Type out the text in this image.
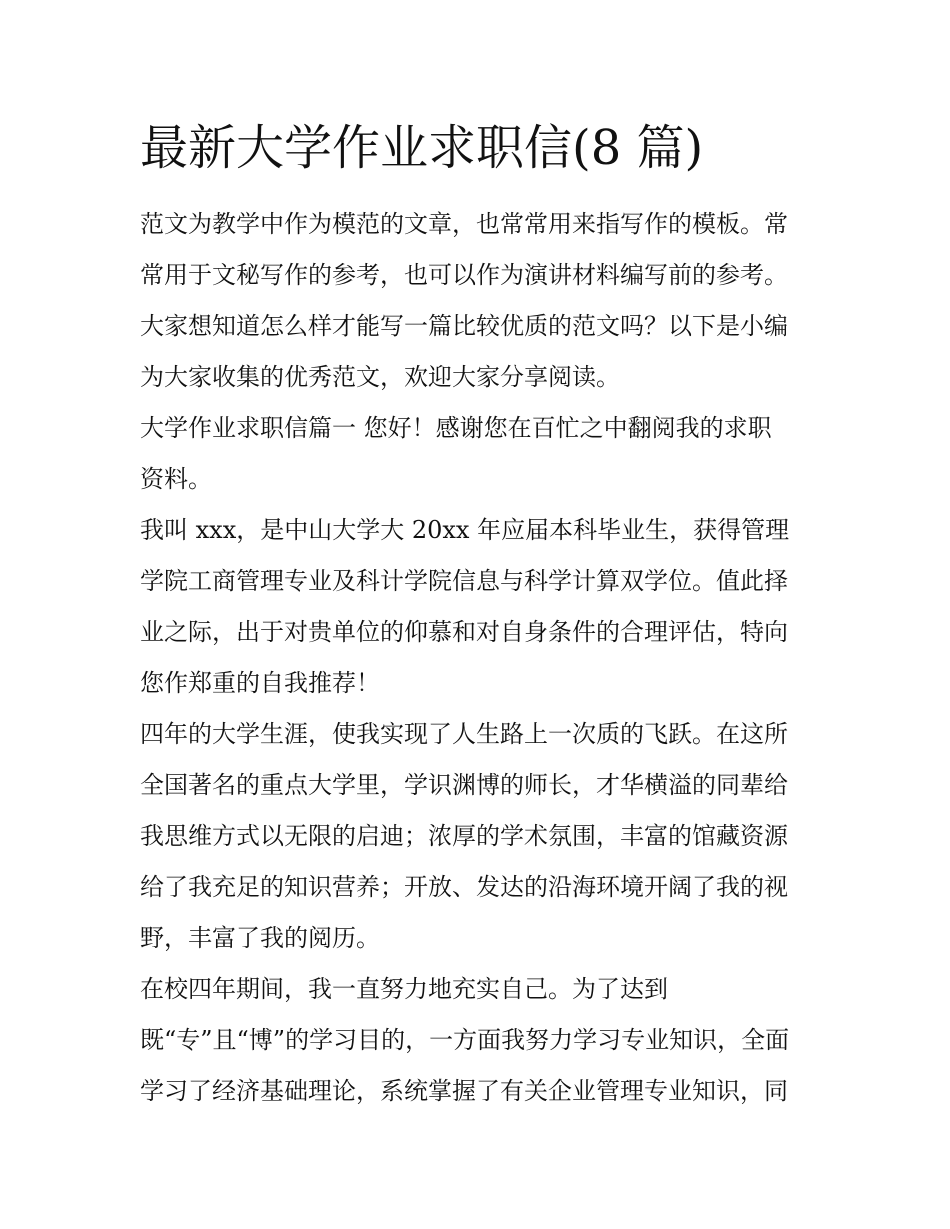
最新大学作业求职信(8 篇)
范文为教学中作为模范的文章，也常常用来指写作的模板。常
常用于文秘写作的参考，也可以作为演讲材料编写前的参考。
大家想知道怎么样才能写一篇比较优质的范文吗？以下是小编
为大家收集的优秀范文，欢迎大家分享阅读。
大学作业求职信篇一 您好！感谢您在百忙之中翻阅我的求职
资料。
我叫 xxx，是中山大学大 20xx 年应届本科毕业生，获得管理
学院工商管理专业及科计学院信息与科学计算双学位。值此择
业之际，出于对贵单位的仰慕和对自身条件的合理评估，特向
您作郑重的自我推荐！
四年的大学生涯，使我实现了人生路上一次质的飞跃。在这所
全国著名的重点大学里，学识渊博的师长，才华横溢的同辈给
我思维方式以无限的启迪；浓厚的学术氛围，丰富的馆藏资源
给了我充足的知识营养；开放、发达的沿海环境开阔了我的视
野，丰富了我的阅历。
在校四年期间，我一直努力地充实自己。为了达到
既“专”且“博”的学习目的，一方面我努力学习专业知识，全面
学习了经济基础理论，系统掌握了有关企业管理专业知识，同
